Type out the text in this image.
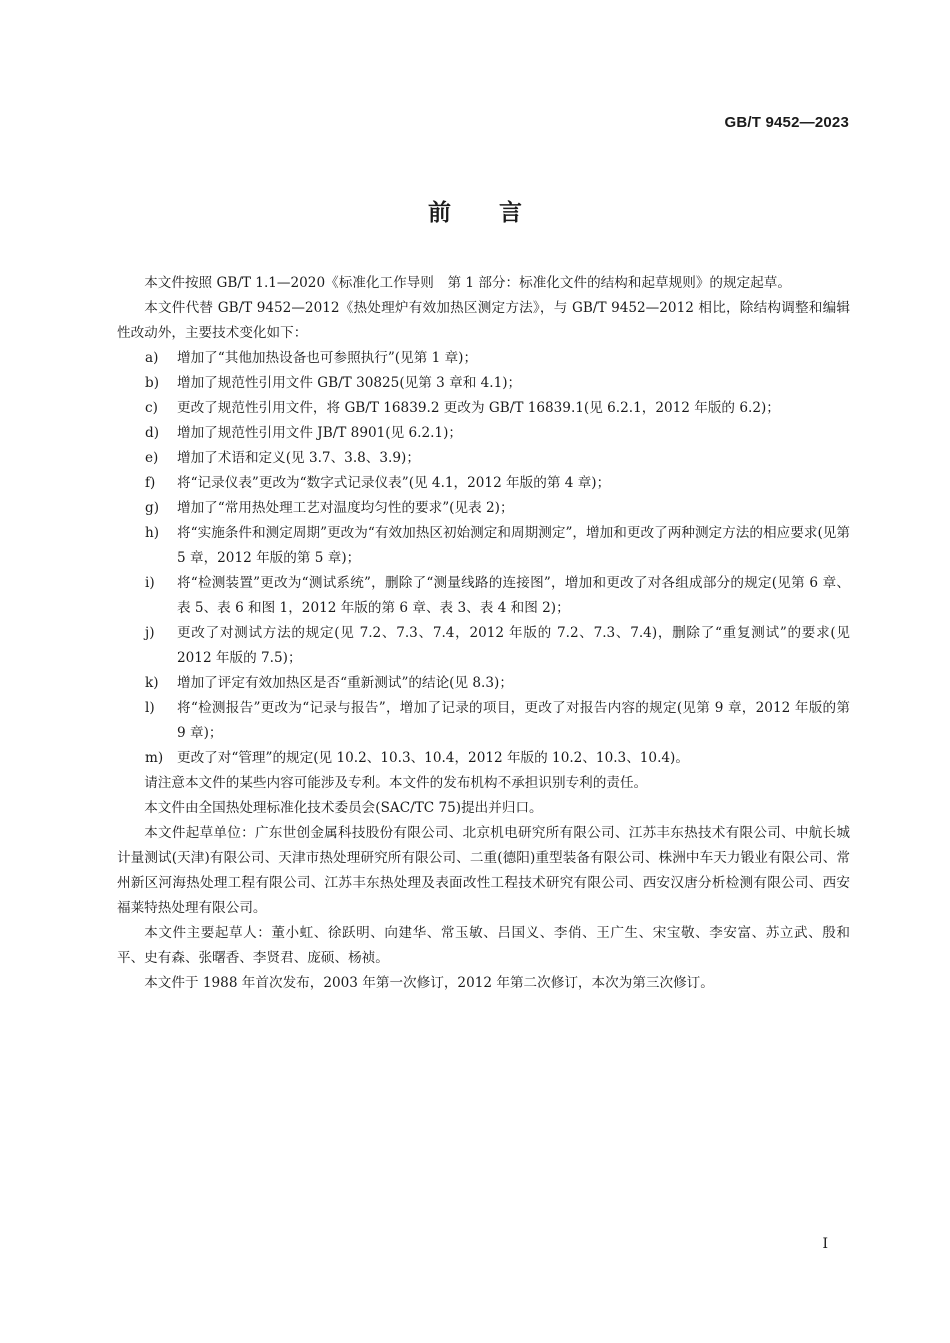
GB/T 9452—2023
前言

本文件按照 GB/T 1.1—2020《标准化工作导则　第 1 部分：标准化文件的结构和起草规则》的规定起草。

本文件代替 GB/T 9452—2012《热处理炉有效加热区测定方法》，与 GB/T 9452—2012 相比，除结构调整和编辑性改动外，主要技术变化如下：

a)	增加了“其他加热设备也可参照执行”(见第 1 章)；
b)	增加了规范性引用文件 GB/T 30825(见第 3 章和 4.1)；
c)	更改了规范性引用文件，将 GB/T 16839.2 更改为 GB/T 16839.1(见 6.2.1，2012 年版的 6.2)；
d)	增加了规范性引用文件 JB/T 8901(见 6.2.1)；
e)	增加了术语和定义(见 3.7、3.8、3.9)；
f)	将“记录仪表”更改为“数字式记录仪表”(见 4.1，2012 年版的第 4 章)；
g)	增加了“常用热处理工艺对温度均匀性的要求”(见表 2)；
h)	将“实施条件和测定周期”更改为“有效加热区初始测定和周期测定”，增加和更改了两种测定方法的相应要求(见第 5 章，2012 年版的第 5 章)；
i)	将“检测装置”更改为“测试系统”，删除了“测量线路的连接图”，增加和更改了对各组成部分的规定(见第 6 章、表 5、表 6 和图 1，2012 年版的第 6 章、表 3、表 4 和图 2)；
j)	更改了对测试方法的规定(见 7.2、7.3、7.4，2012 年版的 7.2、7.3、7.4)，删除了“重复测试”的要求(见 2012 年版的 7.5)；
k)	增加了评定有效加热区是否“重新测试”的结论(见 8.3)；
l)	将“检测报告”更改为“记录与报告”，增加了记录的项目，更改了对报告内容的规定(见第 9 章，2012 年版的第 9 章)；
m)	更改了对“管理”的规定(见 10.2、10.3、10.4，2012 年版的 10.2、10.3、10.4)。

请注意本文件的某些内容可能涉及专利。本文件的发布机构不承担识别专利的责任。

本文件由全国热处理标准化技术委员会(SAC/TC 75)提出并归口。

本文件起草单位：广东世创金属科技股份有限公司、北京机电研究所有限公司、江苏丰东热技术有限公司、中航长城计量测试(天津)有限公司、天津市热处理研究所有限公司、二重(德阳)重型装备有限公司、株洲中车天力锻业有限公司、常州新区河海热处理工程有限公司、江苏丰东热处理及表面改性工程技术研究有限公司、西安汉唐分析检测有限公司、西安福莱特热处理有限公司。

本文件主要起草人：董小虹、徐跃明、向建华、常玉敏、吕国义、李俏、王广生、宋宝敬、李安富、苏立武、殷和平、史有森、张曙香、李贤君、庞硕、杨祯。

本文件于 1988 年首次发布，2003 年第一次修订，2012 年第二次修订，本次为第三次修订。

I
